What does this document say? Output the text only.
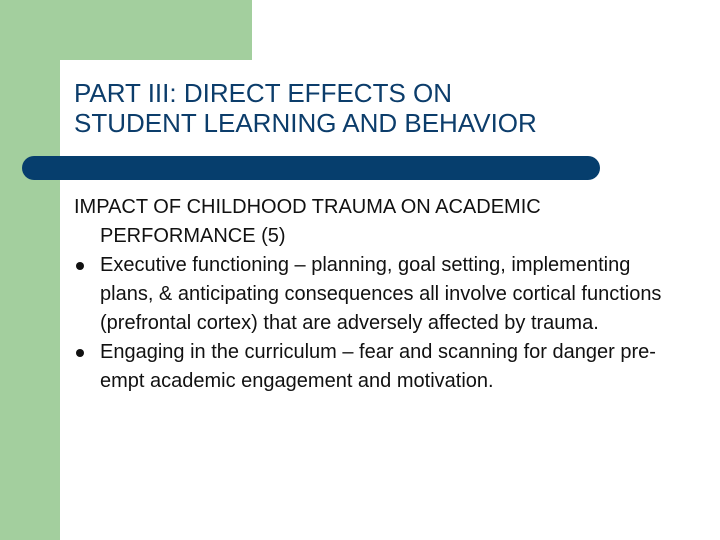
PART III: DIRECT EFFECTS ON
STUDENT LEARNING AND BEHAVIOR
IMPACT OF CHILDHOOD TRAUMA ON ACADEMIC PERFORMANCE (5)
Executive functioning – planning, goal setting, implementing plans, & anticipating consequences all involve cortical functions (prefrontal cortex) that are adversely affected by trauma.
Engaging in the curriculum – fear and scanning for danger pre-empt academic engagement and motivation.
